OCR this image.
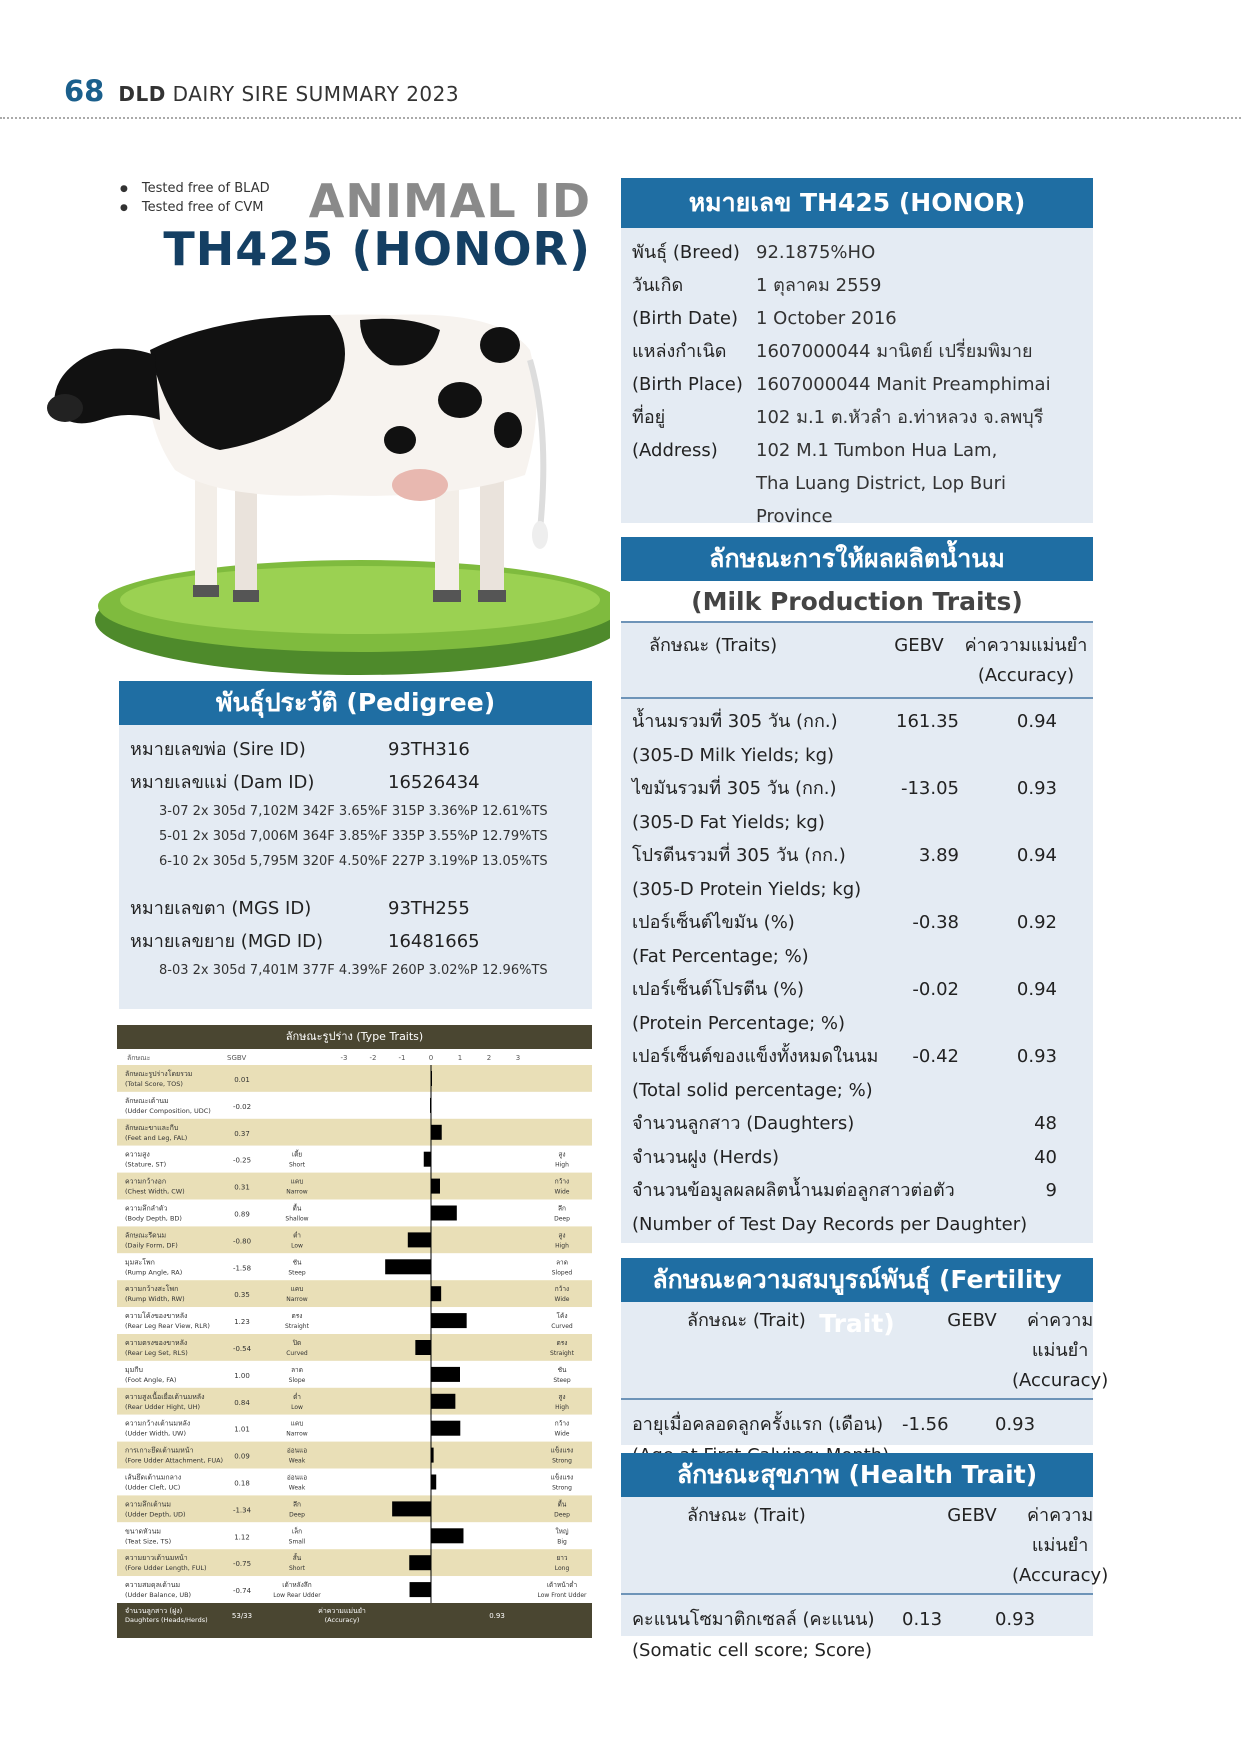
68 DLD DAIRY SIRE SUMMARY 2023
● Tested free of BLAD
● Tested free of CVM ANIMAL ID
TH425 (HONOR)
หมายเลข TH425 (HONOR)
พันธุ์ (Breed) 92.1875%HO
วันเกิด	1 ตุลาคม 2559
(Birth Date) 1 October 2016
แหล่งกำเนิด	1607000044 มานิตย์ เปรี่ยมพิมาย
(Birth Place) 1607000044 Manit Preamphimai
ที่อยู่	102 ม.1 ต.หัวลำ อ.ท่าหลวง จ.ลพบุรี
(Address)	102 M.1 Tumbon Hua Lam,
Tha Luang District, Lop Buri Province
ลักษณะการให้ผลผลิตน้ำนม
(Milk Production Traits)
ลักษณะ (Traits)	GEBV	ค่าความแม่นยำ
(Accuracy)
น้ำนมรวมที่ 305 วัน (กก.)	161.35	0.94
(305-D Milk Yields; kg)
ไขมันรวมที่ 305 วัน (กก.)	-13.05	0.93
(305-D Fat Yields; kg)
โปรตีนรวมที่ 305 วัน (กก.)	3.89	0.94
(305-D Protein Yields; kg)
เปอร์เซ็นต์ไขมัน (%)	-0.38	0.92
(Fat Percentage; %)
เปอร์เซ็นต์โปรตีน (%)	-0.02	0.94
(Protein Percentage; %)
เปอร์เซ็นต์ของแข็งทั้งหมดในนม	-0.42	0.93
(Total solid percentage; %)
จำนวนลูกสาว (Daughters)	48
จำนวนฝูง (Herds)	40
จำนวนข้อมูลผลผลิตน้ำนมต่อลูกสาวต่อตัว	9
(Number of Test Day Records per Daughter)
ลักษณะความสมบูรณ์พันธุ์ (Fertility Trait)
ลักษณะ (Trait)	GEBV	ค่าความแม่นยำ
(Accuracy)
อายุเมื่อคลอดลูกครั้งแรก (เดือน)	-1.56	0.93
ลักษณะสุขภาพ (Health Trait)
ลักษณะ (Trait)	GEBV	ค่าความแม่นยำ
(Accuracy)
คะแนนโซมาติกเซลล์ (คะแนน)	0.13	0.93
(Somatic cell score; Score)
พันธุ์ประวัติ (Pedigree)
หมายเลขพ่อ (Sire ID)	93TH316
หมายเลขแม่ (Dam ID)	16526434
3-07 2x 305d 7,102M 342F 3.65%F 315P 3.36%P 12.61%TS
5-01 2x 305d 7,006M 364F 3.85%F 335P 3.55%P 12.79%TS
6-10 2x 305d 5,795M 320F 4.50%F 227P 3.19%P 13.05%TS
หมายเลขตา (MGS ID)	93TH255
หมายเลขยาย (MGD ID)	16481665
8-03 2x 305d 7,401M 377F 4.39%F 260P 3.02%P 12.96%TS
ลักษณะรูปร่าง (Type Traits)
ลักษณะ	SGBV	-3	-2	-1	0	1	2	3
ลักษณะรูปร่างโดยรวม
(Total Score, TOS)	0.01
ลักษณะเต้านม
(Udder Composition, UDC)	-0.02
ลักษณะขาและกีบ
(Feet and Leg, FAL)	0.37
ความสูง
(Stature, ST)	-0.25
เตี้ย
Short
สูง
High
ความกว้างอก
(Chest Width, CW)	0.31
แคบ
Narrow
กว้าง
Wide
ความลึกลำตัว
(Body Depth, BD)	0.89
ตื้น
Shallow
ลึก
Deep
ลักษณะรีดนม
(Daily Form, DF)	-0.80
ต่ำ
Low
สูง
High
มุมสะโพก
(Rump Angle, RA)	-1.58
ชัน
Steep
ลาด
Sloped
ความกว้างสะโพก
(Rump Width, RW)	0.35
แคบ
Narrow
กว้าง
Wide
ความโค้งของขาหลัง
(Rear Leg Rear View, RLR)	1.23
ตรง
Straight
โค้ง
Curved
ความตรงของขาหลัง
(Rear Leg Set, RLS)	-0.54
ปิด
Curved
ตรง
Straight
มุมกีบ
(Foot Angle, FA)	1.00
ลาด
Slope
ชัน
Steep
ความสูงเนื้อเยื่อเต้านมหลัง
(Rear Udder Hight, UH)	0.84
ต่ำ
Low
สูง
High
ความกว้างเต้านมหลัง
(Udder Width, UW)	1.01
แคบ
Narrow
กว้าง
Wide
การเกาะยึดเต้านมหน้า
(Fore Udder Attachment, FUA) 0.09
อ่อนแอ
Weak
แข็งแรง
Strong
เส้นยึดเต้านมกลาง
(Udder Cleft, UC)	0.18
อ่อนแอ
Weak
แข็งแรง
Strong
ความลึกเต้านม
(Udder Depth, UD)	-1.34
ลึก
Deep
ตื้น
Deep
ขนาดหัวนม
(Teat Size, TS)	1.12
เล็ก
Small
ใหญ่
Big
ความยาวเต้านมหน้า
(Fore Udder Length, FUL)	-0.75
สั้น
Short
ยาว
Long
ความสมดุลเต้านม
(Udder Balance, UB)	-0.74
เต้าหลังลึก
Low Rear Udder
เต้าหน้าต่ำ
Low Front Udder
จำนวนลูกสาว (ฝูง)
Daughters (Heads/Herds)	53/33
ค่าความแม่นยำ
(Accuracy)	0.93
